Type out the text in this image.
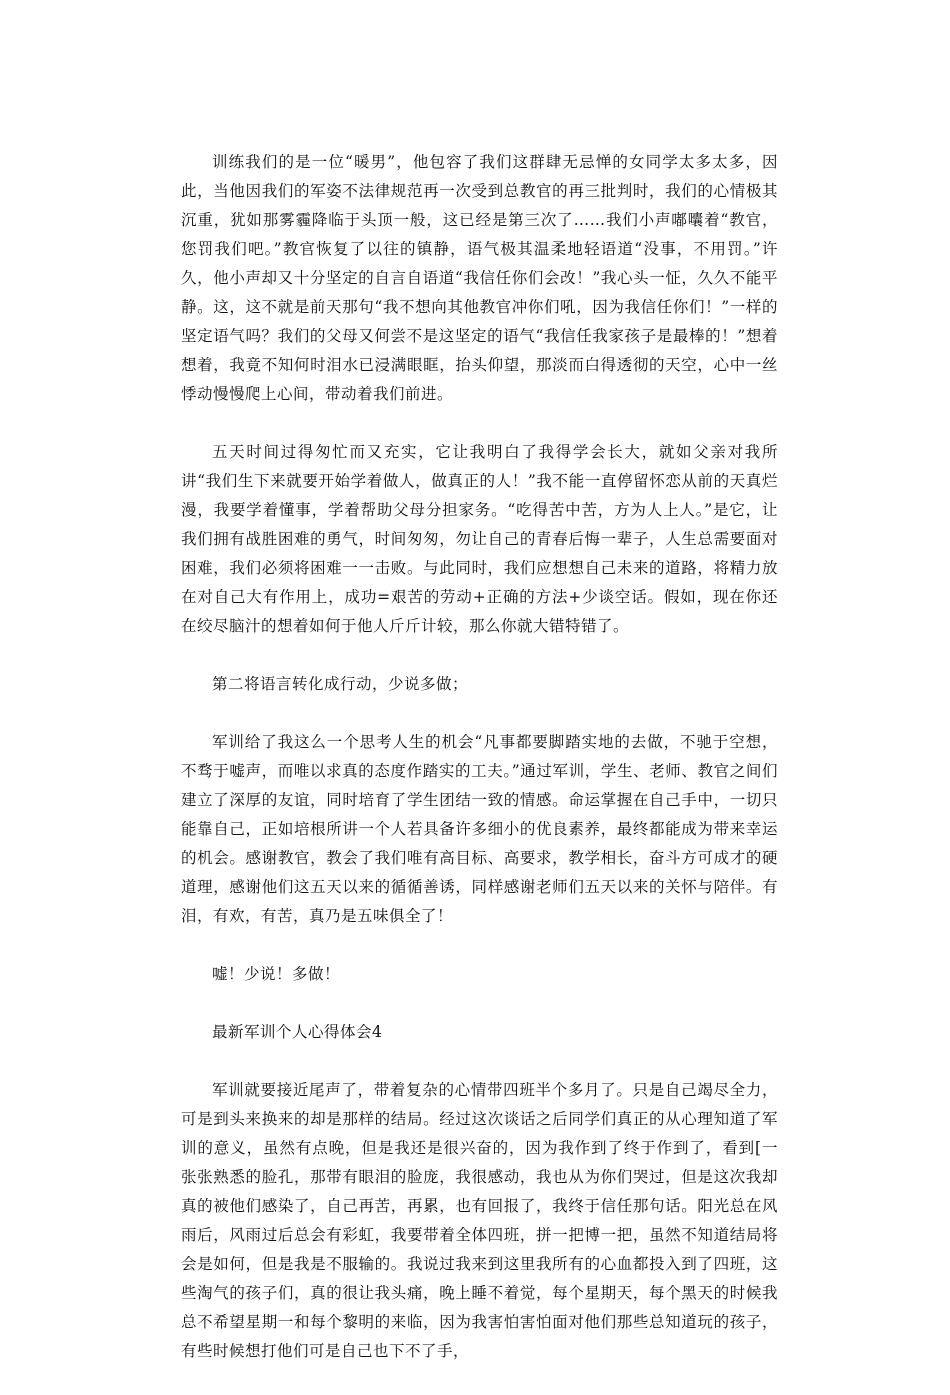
训练我们的是一位“暖男”，他包容了我们这群肆无忌惮的女同学太多太多，因此，当他因我们的军姿不法律规范再一次受到总教官的再三批判时，我们的心情极其沉重，犹如那雾霾降临于头顶一般，这已经是第三次了……我们小声嘟囔着“教官，您罚我们吧。”教官恢复了以往的镇静，语气极其温柔地轻语道“没事，不用罚。”许久，他小声却又十分坚定的自言自语道“我信任你们会改！”我心头一怔，久久不能平静。这，这不就是前天那句“我不想向其他教官冲你们吼，因为我信任你们！”一样的坚定语气吗？我们的父母又何尝不是这坚定的语气“我信任我家孩子是最棒的！”想着想着，我竟不知何时泪水已浸满眼眶，抬头仰望，那淡而白得透彻的天空，心中一丝悸动慢慢爬上心间，带动着我们前进。

五天时间过得匆忙而又充实，它让我明白了我得学会长大，就如父亲对我所讲“我们生下来就要开始学着做人，做真正的人！”我不能一直停留怀恋从前的天真烂漫，我要学着懂事，学着帮助父母分担家务。“吃得苦中苦，方为人上人。”是它，让我们拥有战胜困难的勇气，时间匆匆，勿让自己的青春后悔一辈子，人生总需要面对困难，我们必须将困难一一击败。与此同时，我们应想想自己未来的道路，将精力放在对自己大有作用上，成功=艰苦的劳动+正确的方法+少谈空话。假如，现在你还在绞尽脑汁的想着如何于他人斤斤计较，那么你就大错特错了。

第二将语言转化成行动，少说多做；

军训给了我这么一个思考人生的机会“凡事都要脚踏实地的去做，不驰于空想，不骛于嘘声，而唯以求真的态度作踏实的工夫。”通过军训，学生、老师、教官之间们建立了深厚的友谊，同时培育了学生团结一致的情感。命运掌握在自己手中，一切只能靠自己，正如培根所讲一个人若具备许多细小的优良素养，最终都能成为带来幸运的机会。感谢教官，教会了我们唯有高目标、高要求，教学相长，奋斗方可成才的硬道理，感谢他们这五天以来的循循善诱，同样感谢老师们五天以来的关怀与陪伴。有泪，有欢，有苦，真乃是五味俱全了！

嘘！少说！多做！

最新军训个人心得体会4

军训就要接近尾声了，带着复杂的心情带四班半个多月了。只是自己竭尽全力，可是到头来换来的却是那样的结局。经过这次谈话之后同学们真正的从心理知道了军训的意义，虽然有点晚，但是我还是很兴奋的，因为我作到了终于作到了，看到[一张张熟悉的脸孔，那带有眼泪的脸庞，我很感动，我也从为你们哭过，但是这次我却真的被他们感染了，自己再苦，再累，也有回报了，我终于信任那句话。阳光总在风雨后，风雨过后总会有彩虹，我要带着全体四班，拼一把博一把，虽然不知道结局将会是如何，但是我是不服输的。我说过我来到这里我所有的心血都投入到了四班，这些淘气的孩子们，真的很让我头痛，晚上睡不着觉，每个星期天，每个黑天的时候我总不希望星期一和每个黎明的来临，因为我害怕害怕面对他们那些总知道玩的孩子，有些时候想打他们可是自己也下不了手，
